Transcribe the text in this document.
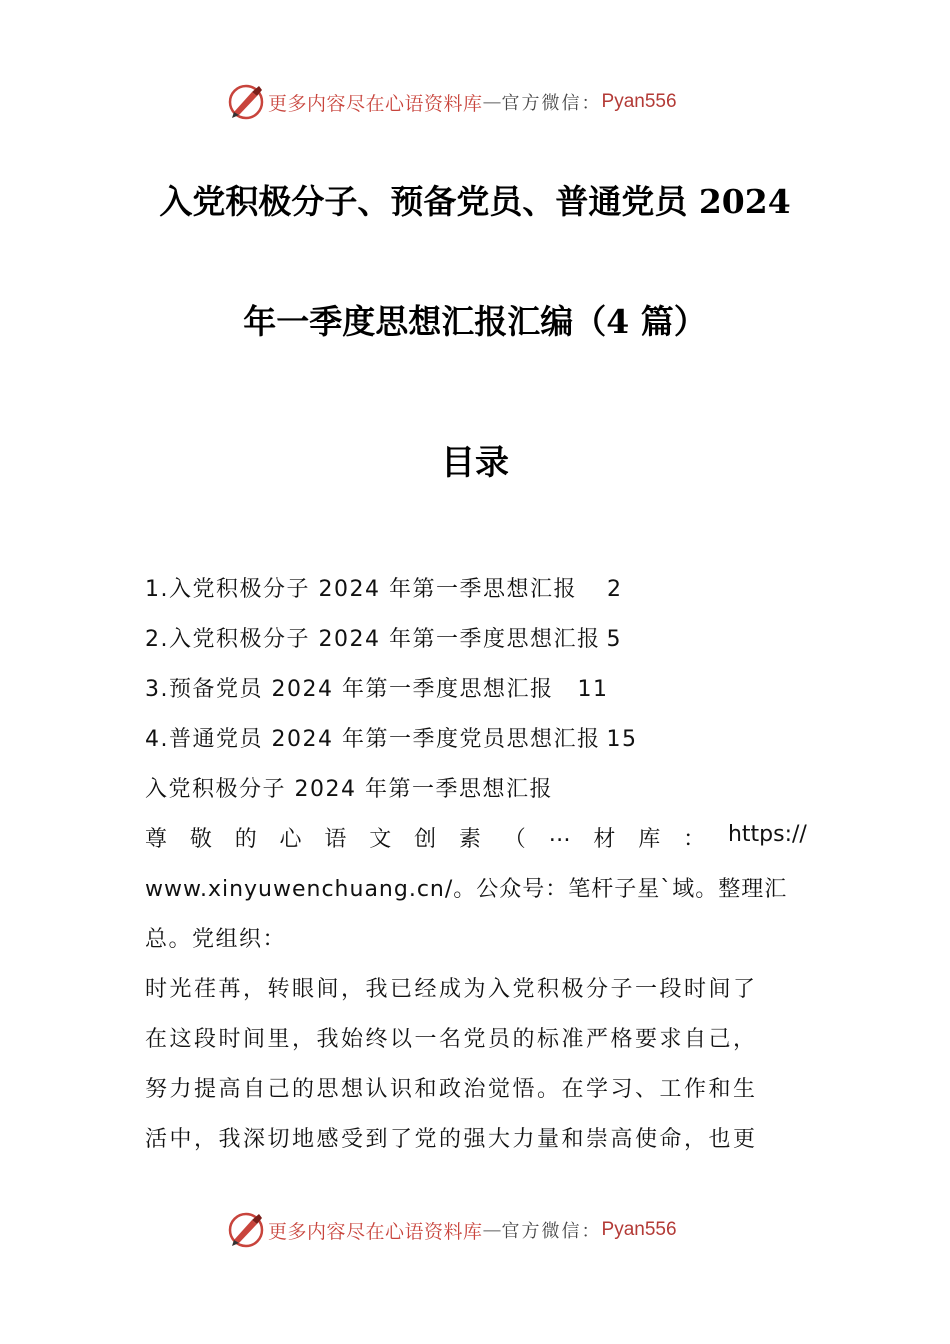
更多内容尽在心语资料库 — 官方微信： Pyan556
入党积极分子、预备党员、普通党员 2024
年一季度思想汇报汇编（4 篇）
目录
1.入党积极分子 2024 年第一季思想汇报 2
2.入党积极分子 2024 年第一季度思想汇报 5
3.预备党员 2024 年第一季度思想汇报 11
4.普通党员 2024 年第一季度党员思想汇报 15
入党积极分子 2024 年第一季思想汇报
尊 敬 的 心 语 文 创 素 （ … 材 库 ： https://
www.xinyuwenchuang.cn/。公众号：笔杆子星`域。整理汇
总。党组织：
时光荏苒，转眼间，我已经成为入党积极分子一段时间了
在这段时间里，我始终以一名党员的标准严格要求自己，
努力提高自己的思想认识和政治觉悟。在学习、工作和生
活中，我深切地感受到了党的强大力量和崇高使命，也更
更多内容尽在心语资料库 — 官方微信： Pyan556
